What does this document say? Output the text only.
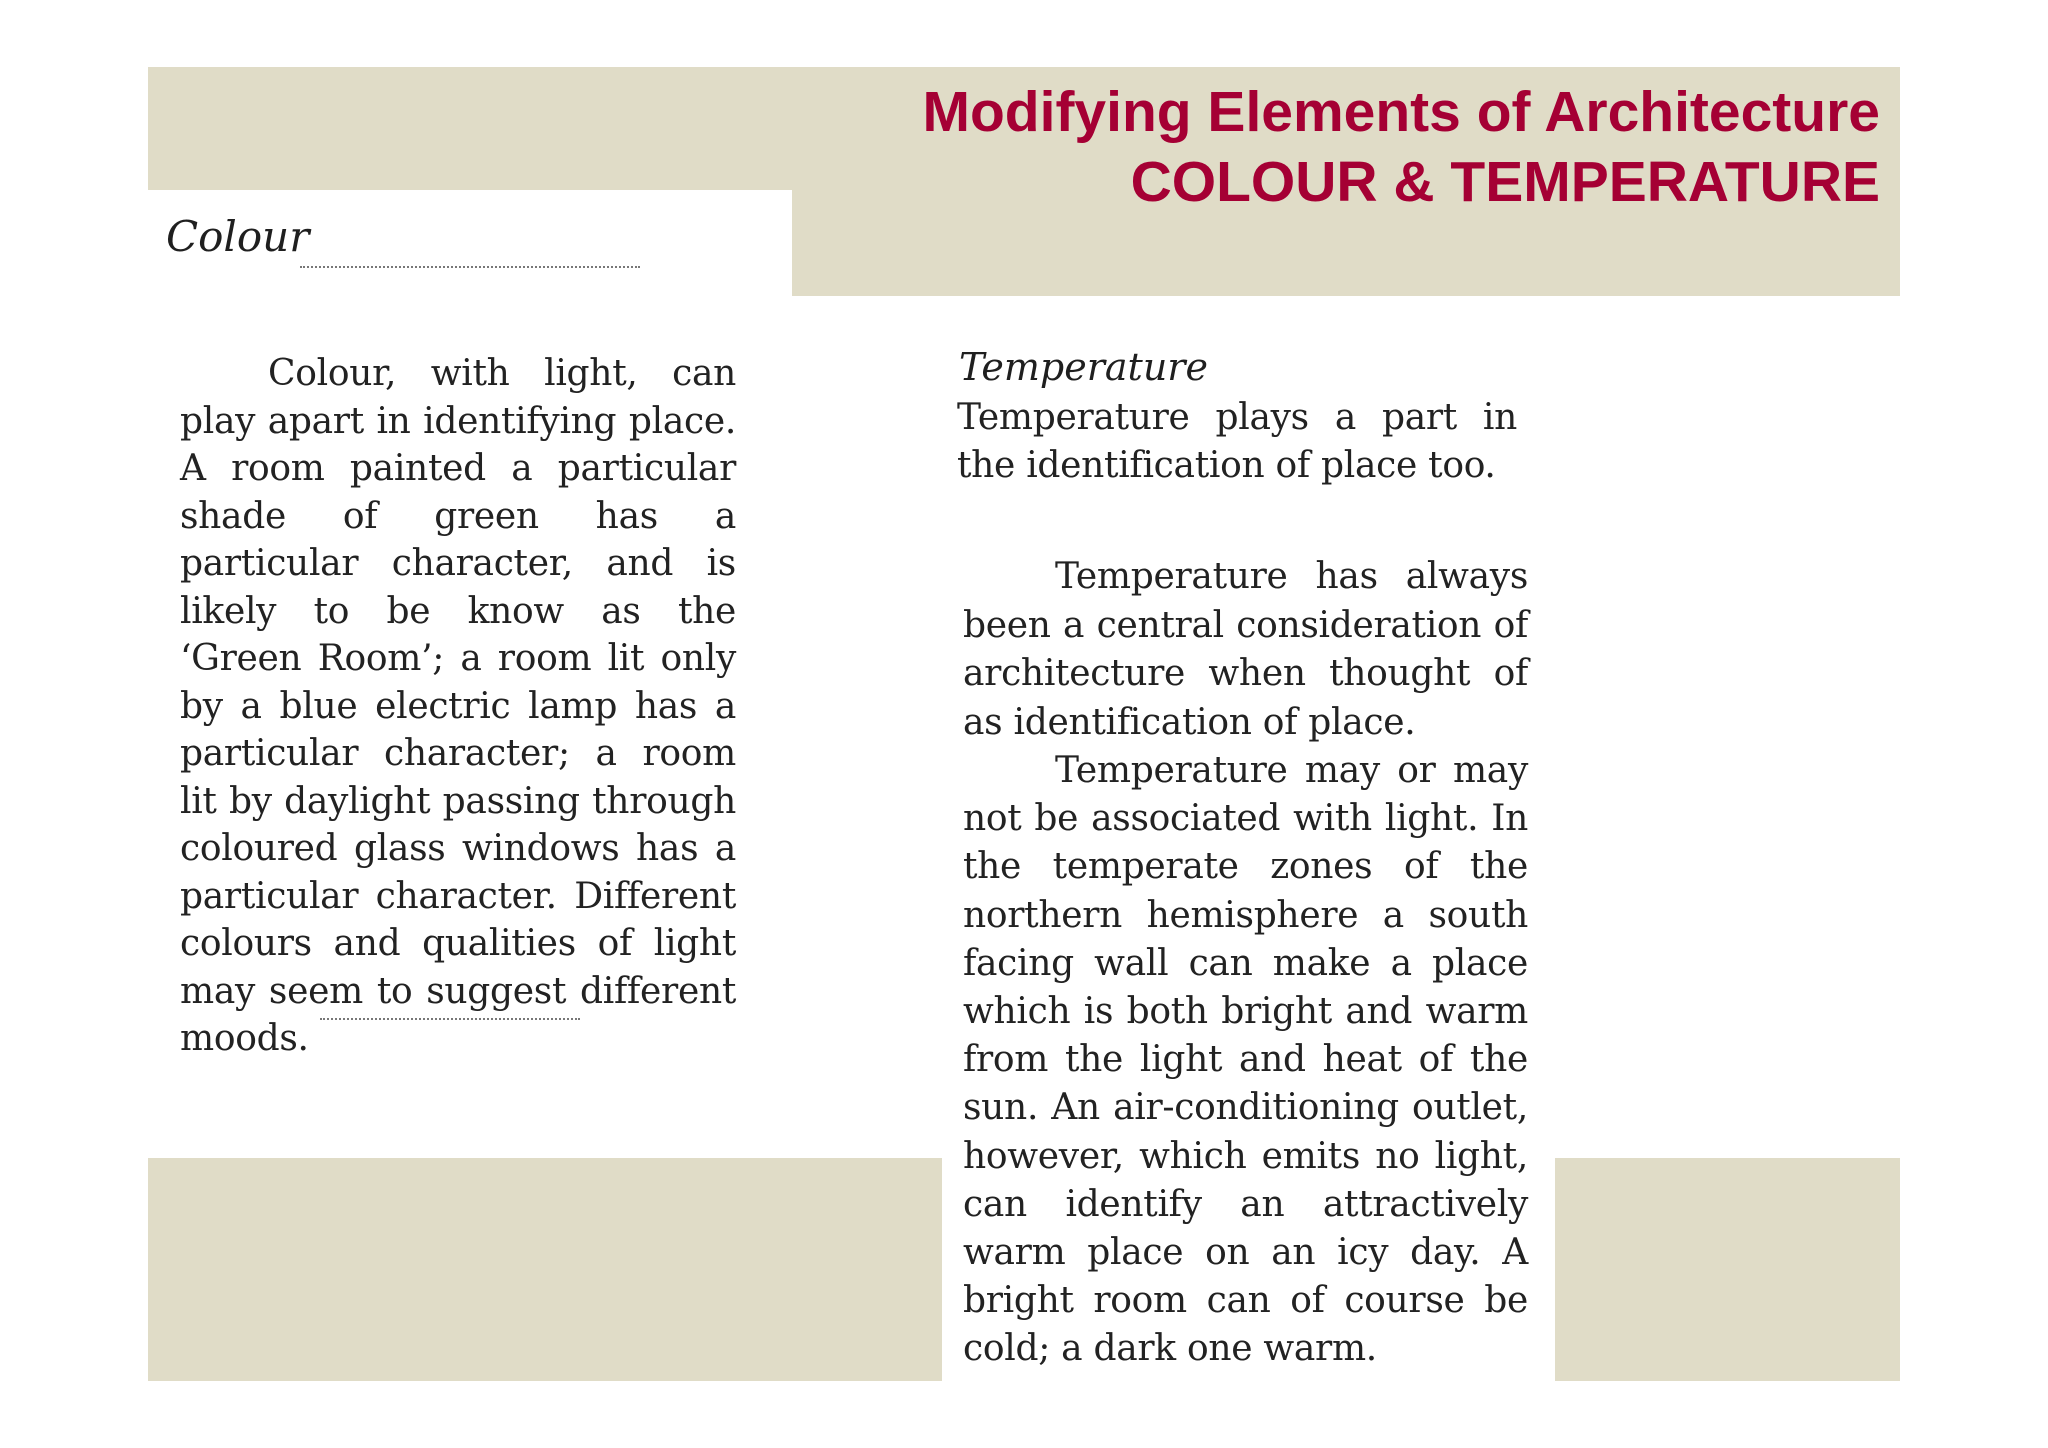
Modifying Elements of Architecture
COLOUR & TEMPERATURE
Colour

Colour, with light, can play apart in identifying place. A room painted a particular shade of green has a particular character, and is likely to be know as the ‘Green Room’; a room lit only by a blue electric lamp has a particular character; a room lit by daylight passing through coloured glass windows has a particular character. Different colours and qualities of light may seem to suggest different moods.

Temperature

Temperature plays a part in the identification of place too.

Temperature has always been a central consideration of architecture when thought of as identification of place.

Temperature may or may not be associated with light. In the temperate zones of the northern hemisphere a south facing wall can make a place which is both bright and warm from the light and heat of the sun. An air-conditioning outlet, however, which emits no light, can identify an attractively warm place on an icy day. A bright room can of course be cold; a dark one warm.
